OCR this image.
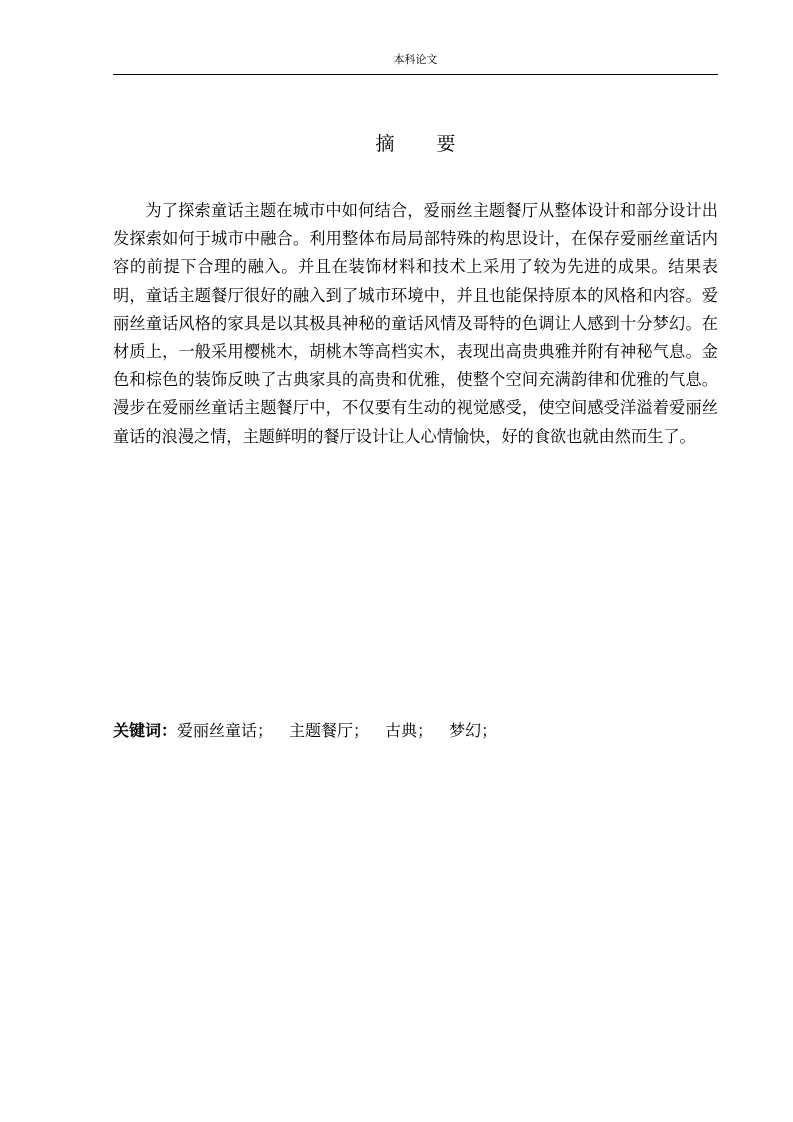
本科论文
摘 要

为了探索童话主题在城市中如何结合，爱丽丝主题餐厅从整体设计和部分设计出发探索如何于城市中融合。利用整体布局局部特殊的构思设计，在保存爱丽丝童话内容的前提下合理的融入。并且在装饰材料和技术上采用了较为先进的成果。结果表明，童话主题餐厅很好的融入到了城市环境中，并且也能保持原本的风格和内容。爱丽丝童话风格的家具是以其极具神秘的童话风情及哥特的色调让人感到十分梦幻。在材质上，一般采用樱桃木，胡桃木等高档实木，表现出高贵典雅并附有神秘气息。金色和棕色的装饰反映了古典家具的高贵和优雅，使整个空间充满韵律和优雅的气息。漫步在爱丽丝童话主题餐厅中，不仅要有生动的视觉感受，使空间感受洋溢着爱丽丝童话的浪漫之情，主题鲜明的餐厅设计让人心情愉快，好的食欲也就由然而生了。

关键词：爱丽丝童话； 主题餐厅； 古典； 梦幻；
